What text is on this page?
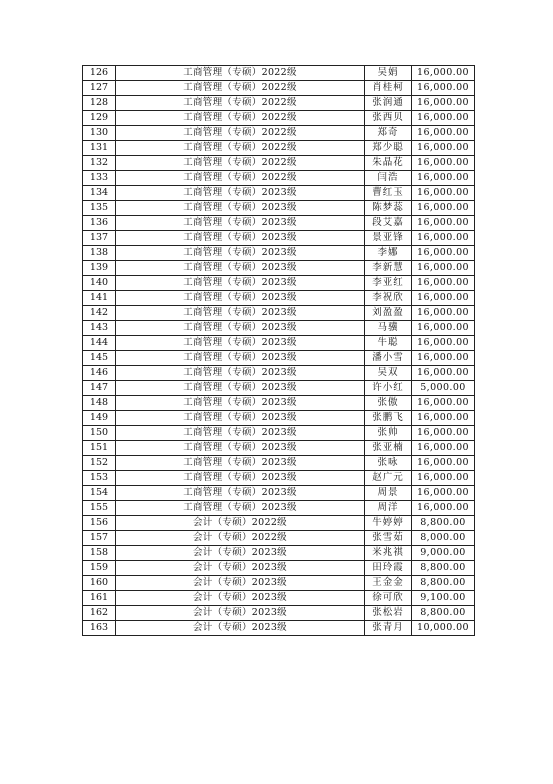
126	工商管理（专硕）2022级	吴娟	16,000.00
127	工商管理（专硕）2022级	肖桂柯	16,000.00
128	工商管理（专硕）2022级	张润通	16,000.00
129	工商管理（专硕）2022级	张西贝	16,000.00
130	工商管理（专硕）2022级	郑奇	16,000.00
131	工商管理（专硕）2022级	郑少聪	16,000.00
132	工商管理（专硕）2022级	朱晶花	16,000.00
133	工商管理（专硕）2022级	闫浩	16,000.00
134	工商管理（专硕）2023级	曹红玉	16,000.00
135	工商管理（专硕）2023级	陈梦蕊	16,000.00
136	工商管理（专硕）2023级	段艾嘉	16,000.00
137	工商管理（专硕）2023级	景亚锋	16,000.00
138	工商管理（专硕）2023级	李娜	16,000.00
139	工商管理（专硕）2023级	李新慧	16,000.00
140	工商管理（专硕）2023级	李亚红	16,000.00
141	工商管理（专硕）2023级	李祝欣	16,000.00
142	工商管理（专硕）2023级	刘盈盈	16,000.00
143	工商管理（专硕）2023级	马骥	16,000.00
144	工商管理（专硕）2023级	牛聪	16,000.00
145	工商管理（专硕）2023级	潘小雪	16,000.00
146	工商管理（专硕）2023级	吴双	16,000.00
147	工商管理（专硕）2023级	许小红	5,000.00
148	工商管理（专硕）2023级	张傲	16,000.00
149	工商管理（专硕）2023级	张鹏飞	16,000.00
150	工商管理（专硕）2023级	张帅	16,000.00
151	工商管理（专硕）2023级	张亚楠	16,000.00
152	工商管理（专硕）2023级	张咏	16,000.00
153	工商管理（专硕）2023级	赵广元	16,000.00
154	工商管理（专硕）2023级	周景	16,000.00
155	工商管理（专硕）2023级	周洋	16,000.00
156	会计（专硕）2022级	牛婷婷	8,800.00
157	会计（专硕）2022级	张雪茹	8,000.00
158	会计（专硕）2023级	米兆祺	9,000.00
159	会计（专硕）2023级	田玲霞	8,800.00
160	会计（专硕）2023级	王金金	8,800.00
161	会计（专硕）2023级	徐可欣	9,100.00
162	会计（专硕）2023级	张松岩	8,800.00
163	会计（专硕）2023级	张青月	10,000.00
